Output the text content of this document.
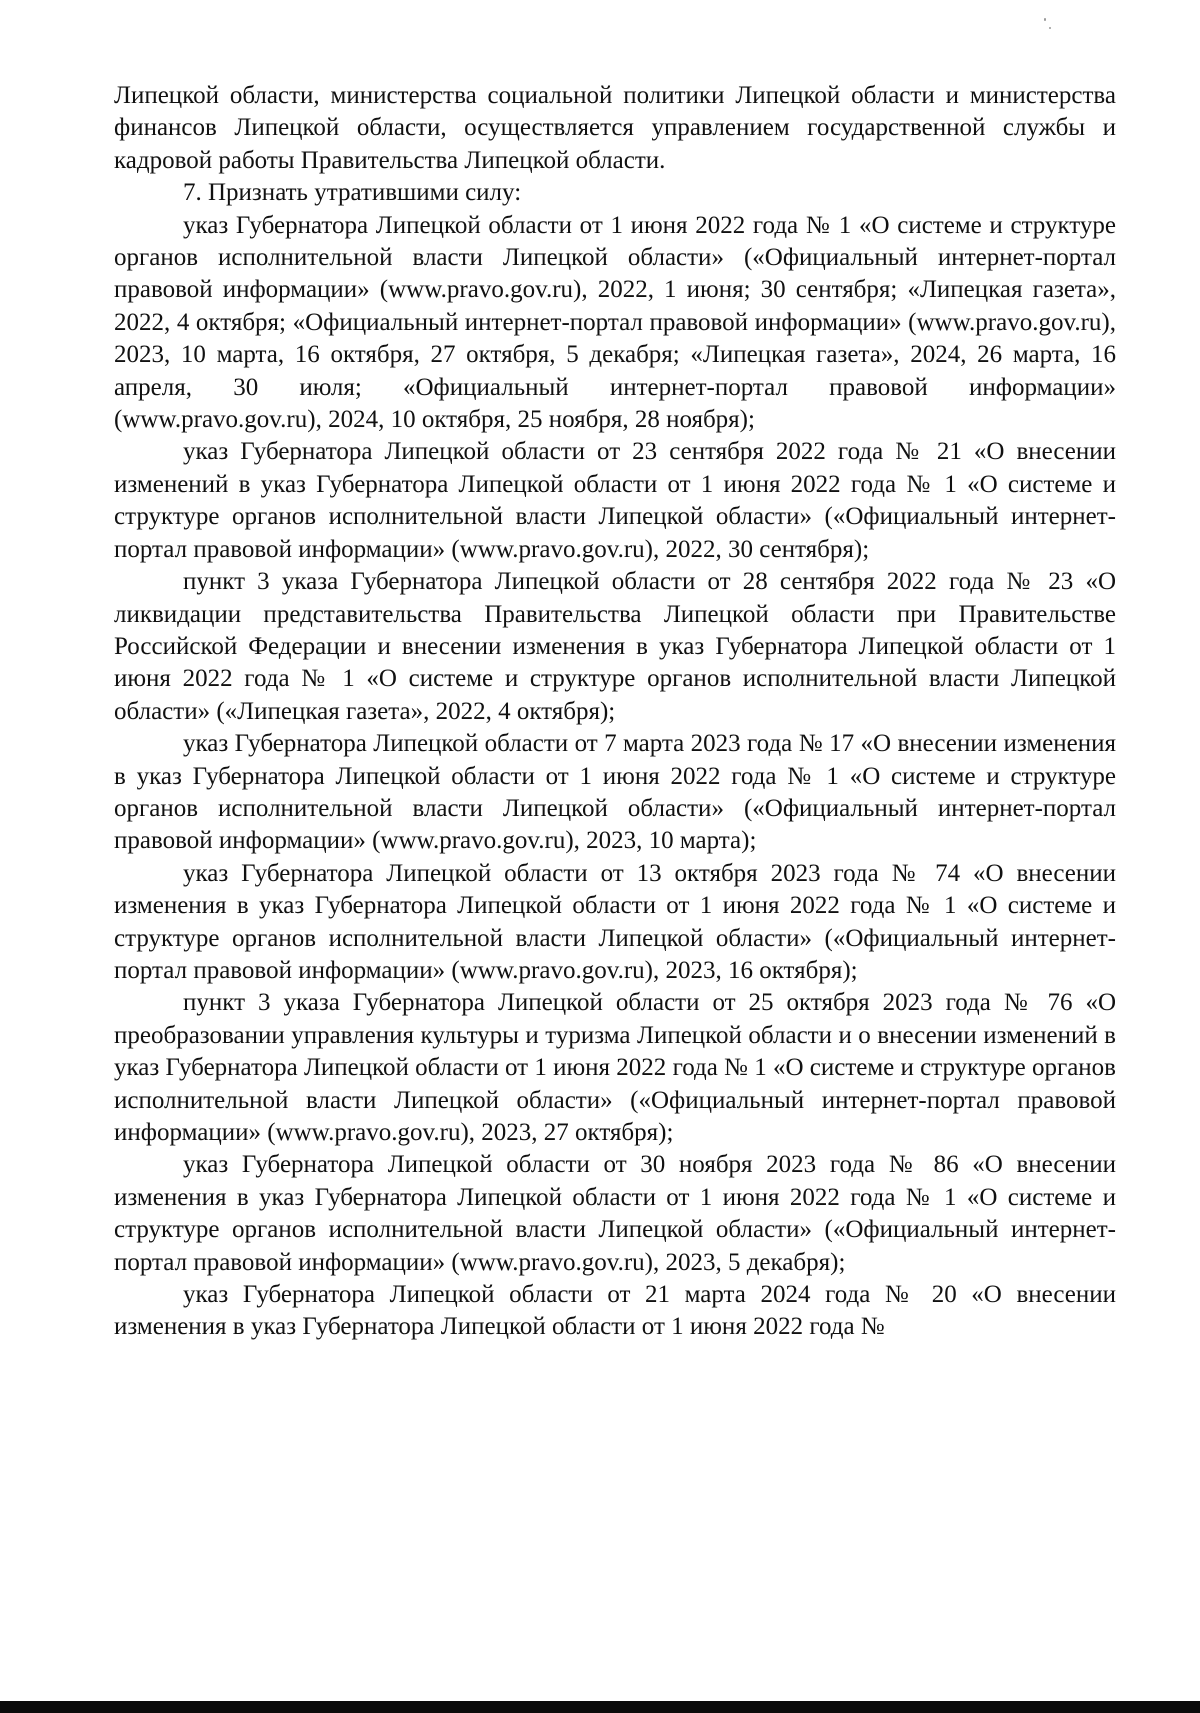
Липецкой области, министерства социальной политики Липецкой области и министерства финансов Липецкой области, осуществляется управлением государственной службы и кадровой работы Правительства Липецкой области.

7. Признать утратившими силу:

указ Губернатора Липецкой области от 1 июня 2022 года № 1 «О системе и структуре органов исполнительной власти Липецкой области» («Официальный интернет-портал правовой информации» (www.pravo.gov.ru), 2022, 1 июня; 30 сентября; «Липецкая газета», 2022, 4 октября; «Официальный интернет-портал правовой информации» (www.pravo.gov.ru), 2023, 10 марта, 16 октября, 27 октября, 5 декабря; «Липецкая газета», 2024, 26 марта, 16 апреля, 30 июля; «Официальный интернет-портал правовой информации» (www.pravo.gov.ru), 2024, 10 октября, 25 ноября, 28 ноября);

указ Губернатора Липецкой области от 23 сентября 2022 года № 21 «О внесении изменений в указ Губернатора Липецкой области от 1 июня 2022 года № 1 «О системе и структуре органов исполнительной власти Липецкой области» («Официальный интернет-портал правовой информации» (www.pravo.gov.ru), 2022, 30 сентября);

пункт 3 указа Губернатора Липецкой области от 28 сентября 2022 года № 23 «О ликвидации представительства Правительства Липецкой области при Правительстве Российской Федерации и внесении изменения в указ Губернатора Липецкой области от 1 июня 2022 года № 1 «О системе и структуре органов исполнительной власти Липецкой области» («Липецкая газета», 2022, 4 октября);

указ Губернатора Липецкой области от 7 марта 2023 года № 17 «О внесении изменения в указ Губернатора Липецкой области от 1 июня 2022 года № 1 «О системе и структуре органов исполнительной власти Липецкой области» («Официальный интернет-портал правовой информации» (www.pravo.gov.ru), 2023, 10 марта);

указ Губернатора Липецкой области от 13 октября 2023 года № 74 «О внесении изменения в указ Губернатора Липецкой области от 1 июня 2022 года № 1 «О системе и структуре органов исполнительной власти Липецкой области» («Официальный интернет-портал правовой информации» (www.pravo.gov.ru), 2023, 16 октября);

пункт 3 указа Губернатора Липецкой области от 25 октября 2023 года № 76 «О преобразовании управления культуры и туризма Липецкой области и о внесении изменений в указ Губернатора Липецкой области от 1 июня 2022 года № 1 «О системе и структуре органов исполнительной власти Липецкой области» («Официальный интернет-портал правовой информации» (www.pravo.gov.ru), 2023, 27 октября);

указ Губернатора Липецкой области от 30 ноября 2023 года № 86 «О внесении изменения в указ Губернатора Липецкой области от 1 июня 2022 года № 1 «О системе и структуре органов исполнительной власти Липецкой области» («Официальный интернет-портал правовой информации» (www.pravo.gov.ru), 2023, 5 декабря);

указ Губернатора Липецкой области от 21 марта 2024 года № 20 «О внесении изменения в указ Губернатора Липецкой области от 1 июня 2022 года №
